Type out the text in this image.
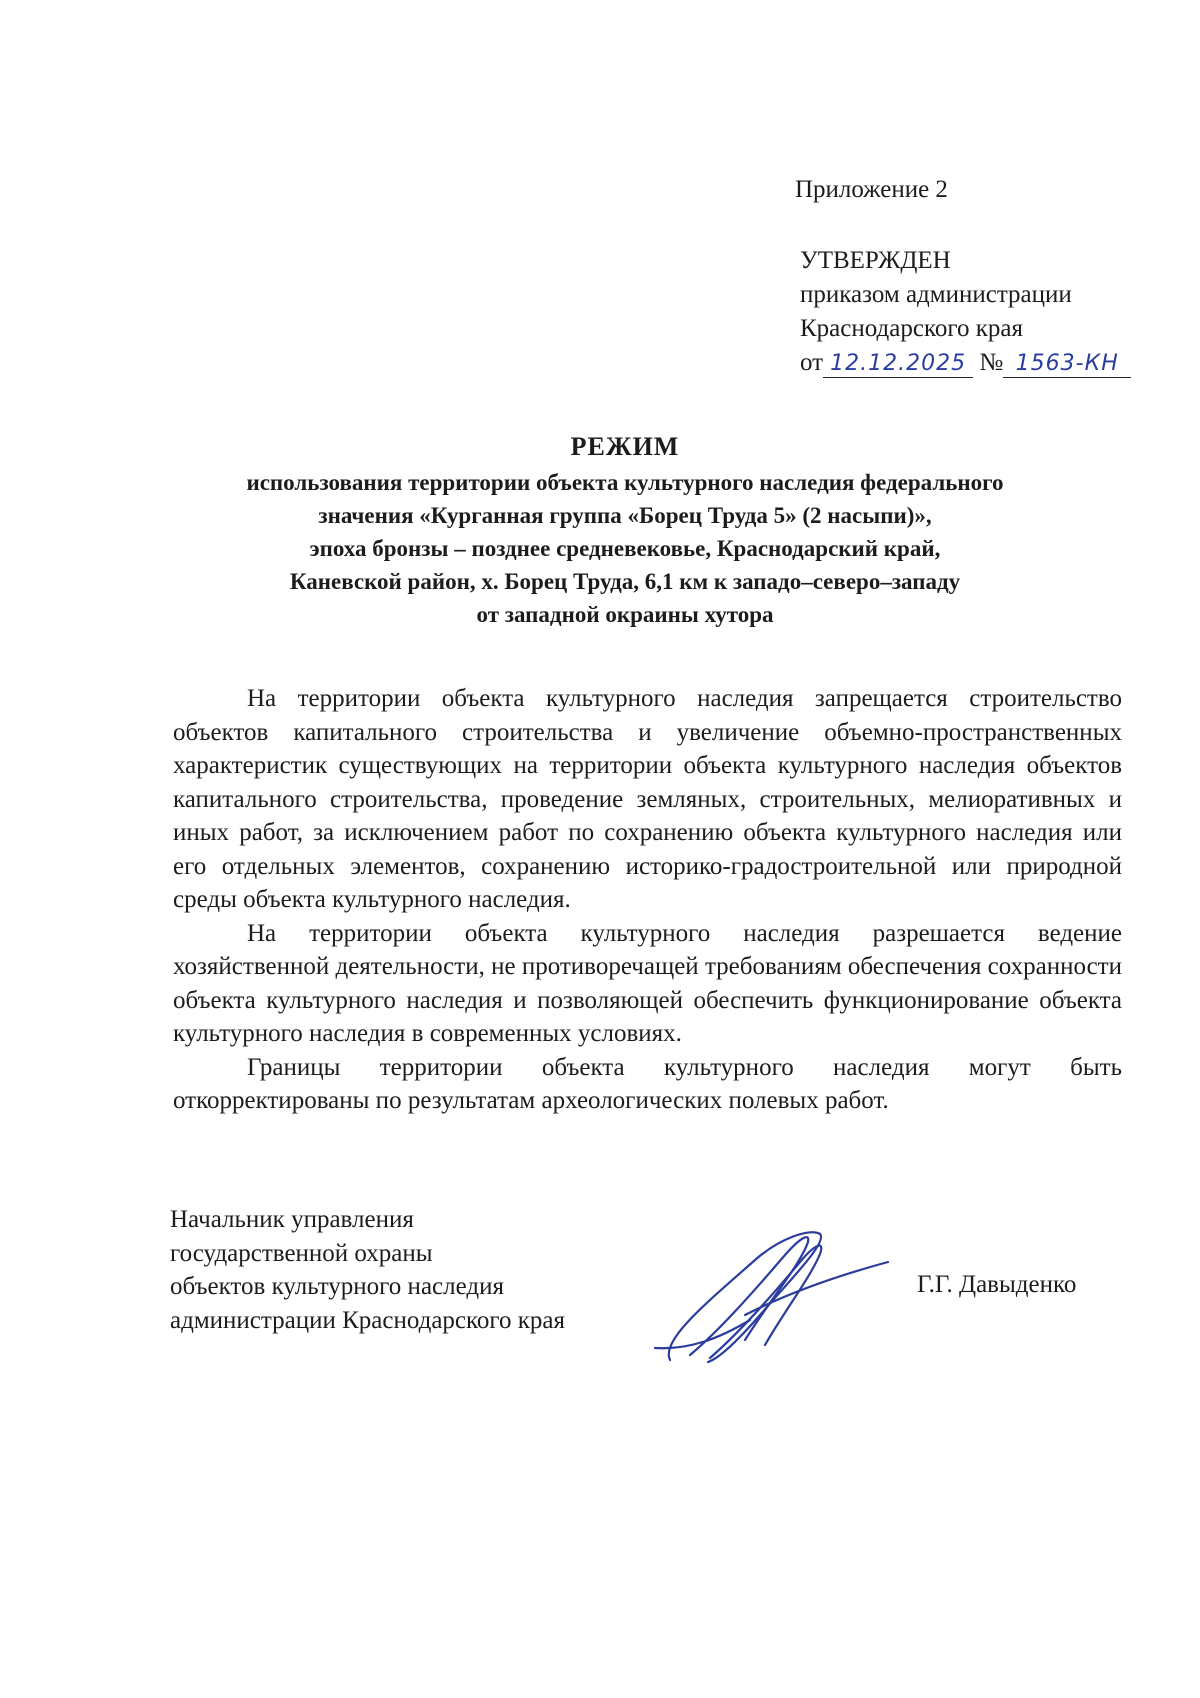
Приложение 2
УТВЕРЖДЕН
приказом администрации
Краснодарского края
от 12.12.2025 № 1563-КН
РЕЖИМ
использования территории объекта культурного наследия федерального
значения «Курганная группа «Борец Труда 5» (2 насыпи)»,
эпоха бронзы – позднее средневековье, Краснодарский край,
Каневской район, х. Борец Труда, 6,1 км к западо–северо–западу
от западной окраины хутора

На территории объекта культурного наследия запрещается строительство объектов капитального строительства и увеличение объемно-пространственных характеристик существующих на территории объекта культурного наследия объектов капитального строительства, проведение земляных, строительных, мелиоративных и иных работ, за исключением работ по сохранению объекта культурного наследия или его отдельных элементов, сохранению историко-градостроительной или природной среды объекта культурного наследия.

На территории объекта культурного наследия разрешается ведение хозяйственной деятельности, не противоречащей требованиям обеспечения сохранности объекта культурного наследия и позволяющей обеспечить функционирование объекта культурного наследия в современных условиях.

Границы территории объекта культурного наследия могут быть откорректированы по результатам археологических полевых работ.

Начальник управления
государственной охраны
объектов культурного наследия
администрации Краснодарского края
Г.Г. Давыденко
